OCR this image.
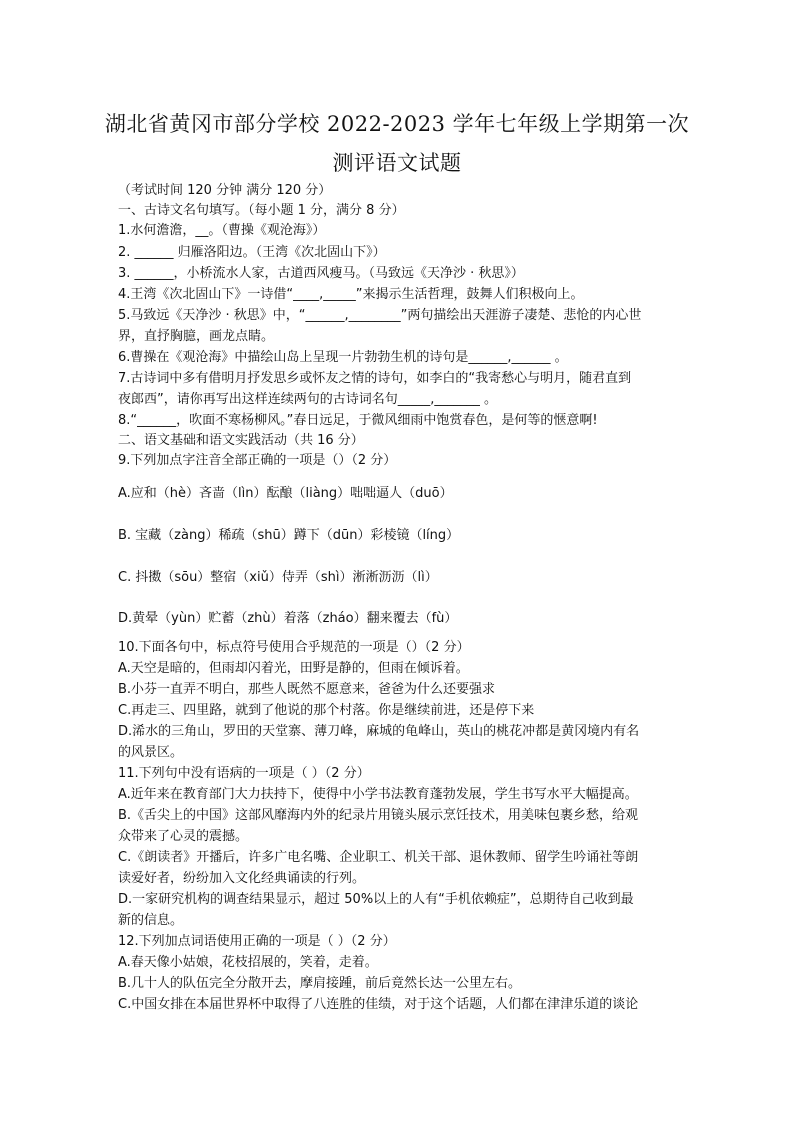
湖北省黄冈市部分学校 2022-2023 学年七年级上学期第一次
测评语文试题
（考试时间 120 分钟 满分 120 分）
一、古诗文名句填写。（每小题 1 分，满分 8 分）
1.水何澹澹，__。（曹操《观沧海》）
2. ______ 归雁洛阳边。（王湾《次北固山下》）
3. ______，小桥流水人家，古道西风瘦马。（马致远《天净沙 · 秋思》）
4.王湾《次北固山下》一诗借“____,_____”来揭示生活哲理，鼓舞人们积极向上。
5.马致远《天净沙 · 秋思》中，“______,________”两句描绘出天涯游子凄楚、悲怆的内心世
界，直抒胸臆，画龙点睛。
6.曹操在《观沧海》中描绘山岛上呈现一片勃勃生机的诗句是______,______ 。
7.古诗词中多有借明月抒发思乡或怀友之情的诗句，如李白的“我寄愁心与明月，随君直到
夜郎西”，请你再写出这样连续两句的古诗词名句_____,_______ 。
8.“______，吹面不寒杨柳风。”春日远足，于微风细雨中饱赏春色，是何等的惬意啊!
二、语文基础和语文实践活动（共 16 分）
9.下列加点字注音全部正确的一项是（）（2 分）
A.应和（hè）吝啬（lìn）酝酿（liàng）咄咄逼人（duō）
B. 宝藏（zàng）稀疏（shū）蹲下（dūn）彩棱镜（líng）
C. 抖擞（sōu）整宿（xiǔ）侍弄（shì）淅淅沥沥（lì）
D.黄晕（yùn）贮蓄（zhù）着落（zháo）翻来覆去（fù）
10.下面各句中，标点符号使用合乎规范的一项是（）（2 分）
A.天空是暗的，但雨却闪着光，田野是静的，但雨在倾诉着。
B.小芬一直弄不明白，那些人既然不愿意来，爸爸为什么还要强求
C.再走三、四里路，就到了他说的那个村落。你是继续前进，还是停下来
D.浠水的三角山，罗田的天堂寨、薄刀峰，麻城的龟峰山，英山的桃花冲都是黄冈境内有名
的风景区。
11.下列句中没有语病的一项是（ ）（2 分）
A.近年来在教育部门大力扶持下，使得中小学书法教育蓬勃发展，学生书写水平大幅提高。
B.《舌尖上的中国》这部风靡海内外的纪录片用镜头展示烹饪技术，用美味包裹乡愁，给观
众带来了心灵的震撼。
C.《朗读者》开播后，许多广电名嘴、企业职工、机关干部、退休教师、留学生吟诵社等朗
读爱好者，纷纷加入文化经典诵读的行列。
D.一家研究机构的调查结果显示，超过 50%以上的人有“手机依赖症”，总期待自己收到最
新的信息。
12.下列加点词语使用正确的一项是（ ）（2 分）
A.春天像小姑娘，花枝招展的，笑着，走着。
B.几十人的队伍完全分散开去，摩肩接踵，前后竟然长达一公里左右。
C.中国女排在本届世界杯中取得了八连胜的佳绩，对于这个话题，人们都在津津乐道的谈论
